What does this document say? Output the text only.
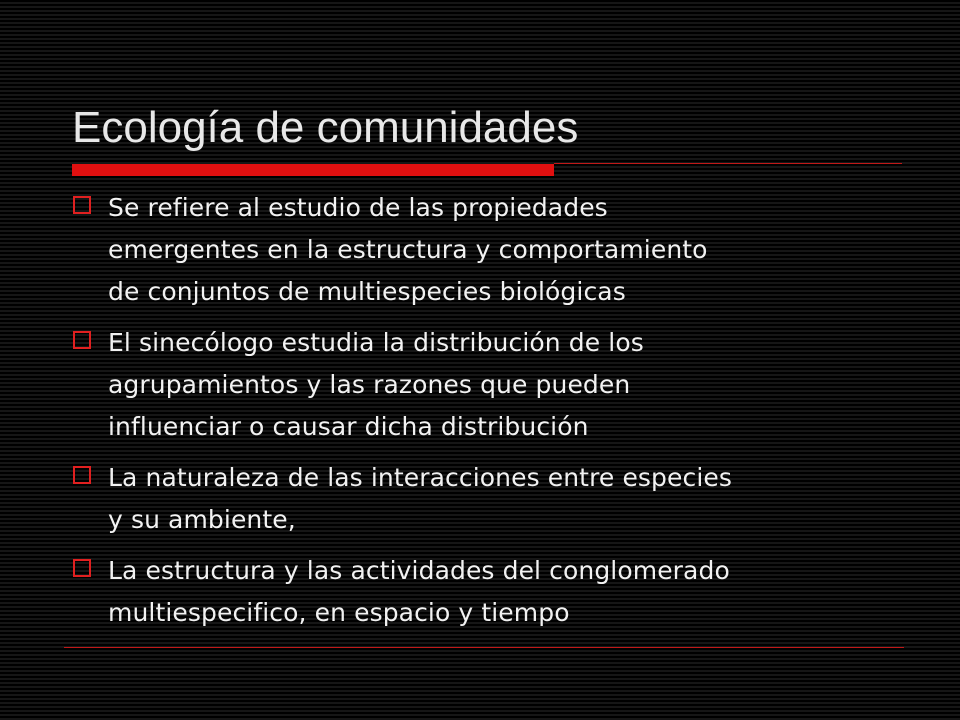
Ecología de comunidades
Se refiere al estudio de las propiedades
emergentes en la estructura y comportamiento
de conjuntos de multiespecies biológicas
El sinecólogo estudia la distribución de los
agrupamientos y las razones que pueden
influenciar o causar dicha distribución
La naturaleza de las interacciones entre especies
y su ambiente,
La estructura y las actividades del conglomerado
multiespecifico, en espacio y tiempo
